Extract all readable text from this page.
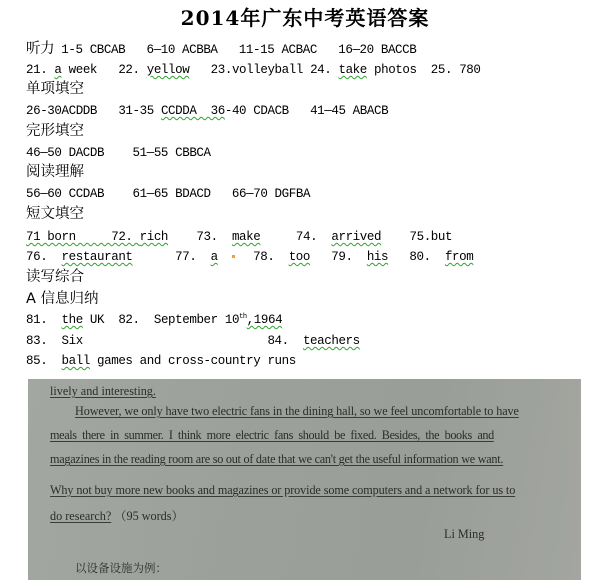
2014年广东中考英语答案
听力 1-5 CBCAB   6—10 ACBBA   11-15 ACBAC   16—20 BACCB
21. a week   22. yellow   23.volleyball 24. take photos  25. 780
单项填空
26-30ACDDB   31-35 CCDDA  36-40 CDACB   41—45 ABACB
完形填空
46—50 DACDB    51—55 CBBCA
阅读理解
56—60 CCDAB    61—65 BDACD   66—70 DGFBA
短文填空
71 born     72. rich    73.  make     74.  arrived    75.but
76.  restaurant      77.  a    78.  too   79.  his   80.  from
读写综合
A 信息归纳
81.  the UK  82.  September 10th,1964
83.  Six                          84.  teachers
85.  ball games and cross-country runs
lively and interesting.
However, we only have two electric fans in the dining hall, so we feel uncomfortable to have
meals  there  in  summer.  I  think  more  electric  fans  should  be  fixed.  Besides,  the  books  and
magazines in the reading room are so out of date that we can't get the useful information we want.
Why not buy more new books and magazines or provide some computers and a network for us to
do research? （95 words）
Li Ming
以设备设施为例：
